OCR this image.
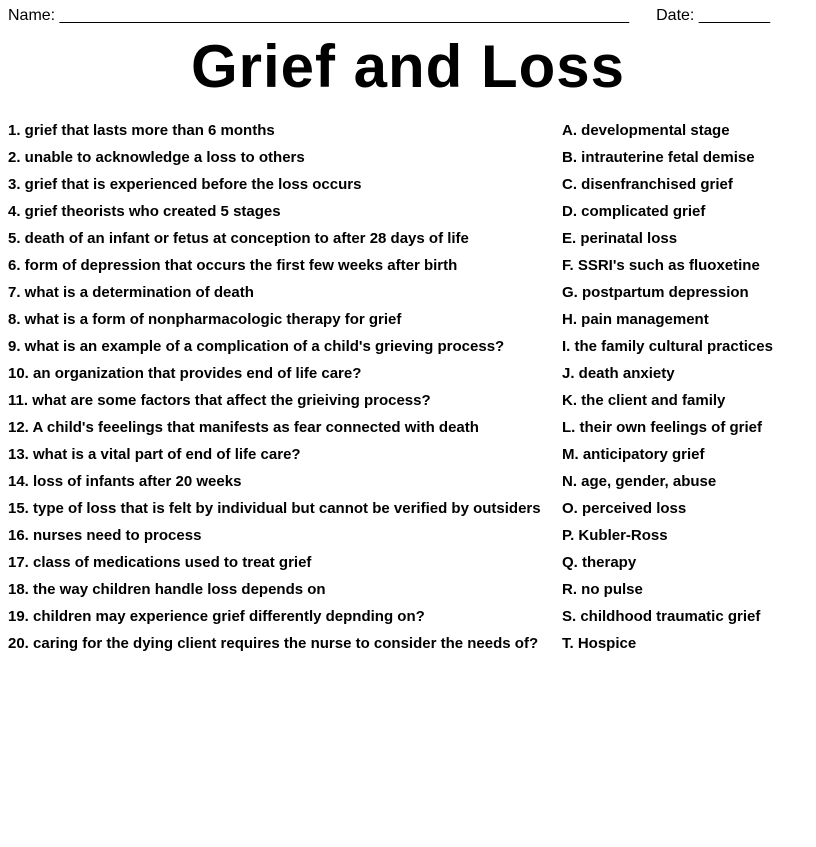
Name: ________________________________________________________________ Date: ________
Grief and Loss
1. grief that lasts more than 6 months	A. developmental stage
2. unable to acknowledge a loss to others	B. intrauterine fetal demise
3. grief that is experienced before the loss occurs	C. disenfranchised grief
4. grief theorists who created 5 stages	D. complicated grief
5. death of an infant or fetus at conception to after 28 days of life	E. perinatal loss
6. form of depression that occurs the first few weeks after birth	F. SSRI's such as fluoxetine
7. what is a determination of death	G. postpartum depression
8. what is a form of nonpharmacologic therapy for grief	H. pain management
9. what is an example of a complication of a child's grieving process?	I. the family cultural practices
10. an organization that provides end of life care?	J. death anxiety
11. what are some factors that affect the grieiving process?	K. the client and family
12. A child's feeelings that manifests as fear connected with death	L. their own feelings of grief
13. what is a vital part of end of life care?	M. anticipatory grief
14. loss of infants after 20 weeks	N. age, gender, abuse
15. type of loss that is felt by individual but cannot be verified by outsiders	O. perceived loss
16. nurses need to process	P. Kubler-Ross
17. class of medications used to treat grief	Q. therapy
18. the way children handle loss depends on	R. no pulse
19. children may experience grief differently depnding on?	S. childhood traumatic grief
20. caring for the dying client requires the nurse to consider the needs of?	T. Hospice
